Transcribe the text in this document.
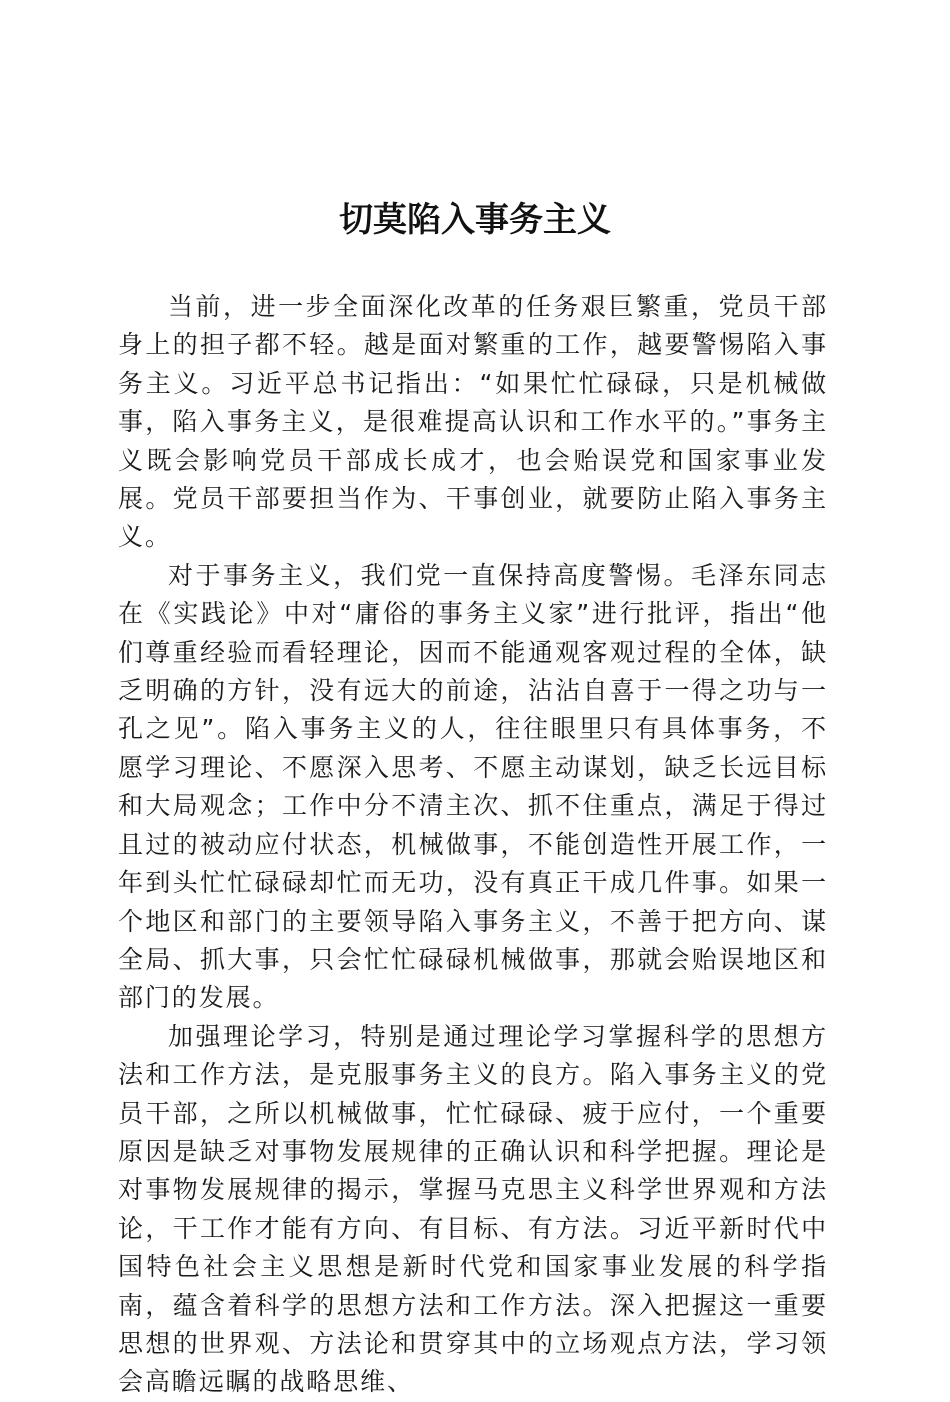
切莫陷入事务主义

当前，进一步全面深化改革的任务艰巨繁重，党员干部身上的担子都不轻。越是面对繁重的工作，越要警惕陷入事务主义。习近平总书记指出：“如果忙忙碌碌，只是机械做事，陷入事务主义，是很难提高认识和工作水平的。”事务主义既会影响党员干部成长成才，也会贻误党和国家事业发展。党员干部要担当作为、干事创业，就要防止陷入事务主义。

对于事务主义，我们党一直保持高度警惕。毛泽东同志在《实践论》中对“庸俗的事务主义家”进行批评，指出“他们尊重经验而看轻理论，因而不能通观客观过程的全体，缺乏明确的方针，没有远大的前途，沾沾自喜于一得之功与一孔之见”。陷入事务主义的人，往往眼里只有具体事务，不愿学习理论、不愿深入思考、不愿主动谋划，缺乏长远目标和大局观念；工作中分不清主次、抓不住重点，满足于得过且过的被动应付状态，机械做事，不能创造性开展工作，一年到头忙忙碌碌却忙而无功，没有真正干成几件事。如果一个地区和部门的主要领导陷入事务主义，不善于把方向、谋全局、抓大事，只会忙忙碌碌机械做事，那就会贻误地区和部门的发展。

加强理论学习，特别是通过理论学习掌握科学的思想方法和工作方法，是克服事务主义的良方。陷入事务主义的党员干部，之所以机械做事，忙忙碌碌、疲于应付，一个重要原因是缺乏对事物发展规律的正确认识和科学把握。理论是对事物发展规律的揭示，掌握马克思主义科学世界观和方法论，干工作才能有方向、有目标、有方法。习近平新时代中国特色社会主义思想是新时代党和国家事业发展的科学指南，蕴含着科学的思想方法和工作方法。深入把握这一重要思想的世界观、方法论和贯穿其中的立场观点方法，学习领会高瞻远瞩的战略思维、
